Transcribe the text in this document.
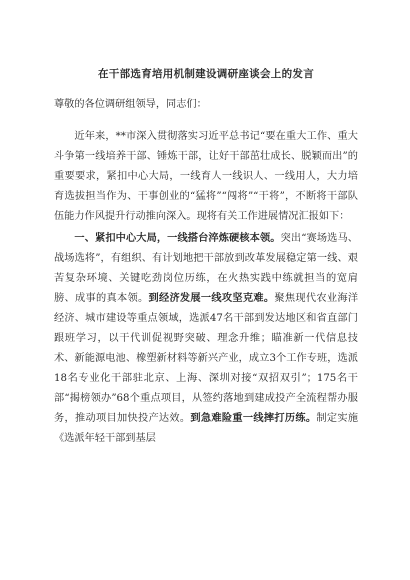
在干部选育培用机制建设调研座谈会上的发言
尊敬的各位调研组领导，同志们：

近年来，**市深入贯彻落实习近平总书记“要在重大工作、重大斗争第一线培养干部、锤炼干部，让好干部茁壮成长、脱颖而出”的重要要求，紧扣中心大局，一线育人一线识人、一线用人，大力培育选拔担当作为、干事创业的“猛将”“闯将”“干将”，不断将干部队伍能力作风提升行动推向深入。现将有关工作进展情况汇报如下：

一、紧扣中心大局，一线搭台淬炼硬核本领。突出“赛场选马、战场选将”，有组织、有计划地把干部放到改革发展稳定第一线、艰苦复杂环境、关键吃劲岗位历练，在火热实践中练就担当的宽肩膀、成事的真本领。到经济发展一线攻坚克难。聚焦现代农业海洋经济、城市建设等重点领域，选派47名干部到发达地区和省直部门跟班学习，以干代训促视野突破、理念升维；瞄准新一代信息技术、新能源电池、橡塑新材料等新兴产业，成立3个工作专班，选派18名专业化干部驻北京、上海、深圳对接“双招双引”；175名干部“揭榜领办”68个重点项目，从签约落地到建成投产全流程帮办服务，推动项目加快投产达效。到急难险重一线摔打历练。制定实施《选派年轻干部到基层
